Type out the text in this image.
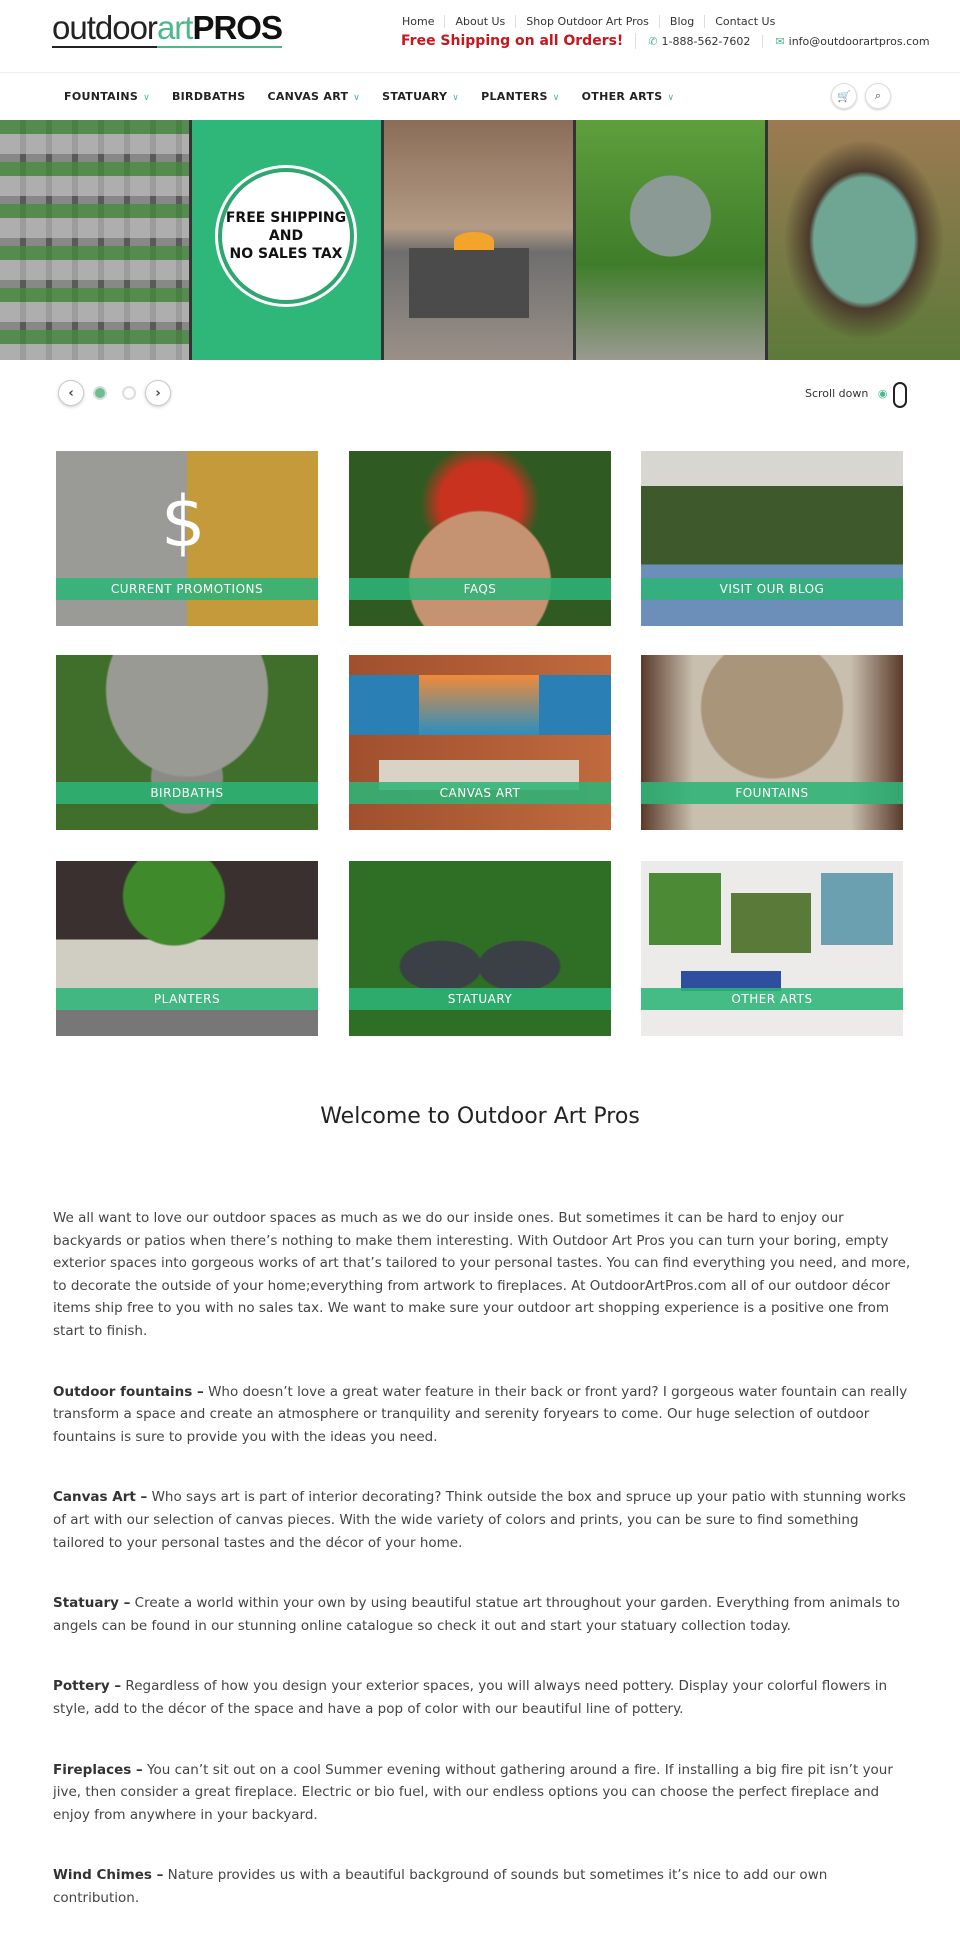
outdoorartPROS	Home	About Us	Shop Outdoor Art Pros	Blog	Contact Us
Free Shipping on all Orders!	✆ 1-888-562-7602	✉ info@outdoorartpros.com
FOUNTAINS ∨ BIRDBATHS CANVAS ART ∨ STATUARY ∨ PLANTERS ∨ OTHER ARTS ∨	🛒 ⌕
FREE SHIPPING
AND
NO SALES TAX
‹	›	Scroll down ◉
$
CURRENT PROMOTIONS	FAQS	VISIT OUR BLOG
BIRDBATHS	CANVAS ART	FOUNTAINS
PLANTERS	STATUARY	OTHER ARTS
Welcome to Outdoor Art Pros

We all want to love our outdoor spaces as much as we do our inside ones. But sometimes it can be hard to enjoy our backyards or patios when there’s nothing to make them interesting. With Outdoor Art Pros you can turn your boring, empty exterior spaces into gorgeous works of art that’s tailored to your personal tastes. You can find everything you need, and more, to decorate the outside of your home;everything from artwork to fireplaces. At OutdoorArtPros.com all of our outdoor décor items ship free to you with no sales tax. We want to make sure your outdoor art shopping experience is a positive one from start to finish.

Outdoor fountains – Who doesn’t love a great water feature in their back or front yard? I gorgeous water fountain can really transform a space and create an atmosphere or tranquility and serenity foryears to come. Our huge selection of outdoor fountains is sure to provide you with the ideas you need.

Canvas Art – Who says art is part of interior decorating? Think outside the box and spruce up your patio with stunning works of art with our selection of canvas pieces. With the wide variety of colors and prints, you can be sure to find something tailored to your personal tastes and the décor of your home.

Statuary – Create a world within your own by using beautiful statue art throughout your garden. Everything from animals to angels can be found in our stunning online catalogue so check it out and start your statuary collection today.

Pottery – Regardless of how you design your exterior spaces, you will always need pottery. Display your colorful flowers in style, add to the décor of the space and have a pop of color with our beautiful line of pottery.

Fireplaces – You can’t sit out on a cool Summer evening without gathering around a fire. If installing a big fire pit isn’t your jive, then consider a great fireplace. Electric or bio fuel, with our endless options you can choose the perfect fireplace and enjoy from anywhere in your backyard.

Wind Chimes – Nature provides us with a beautiful background of sounds but sometimes it’s nice to add our own contribution.
